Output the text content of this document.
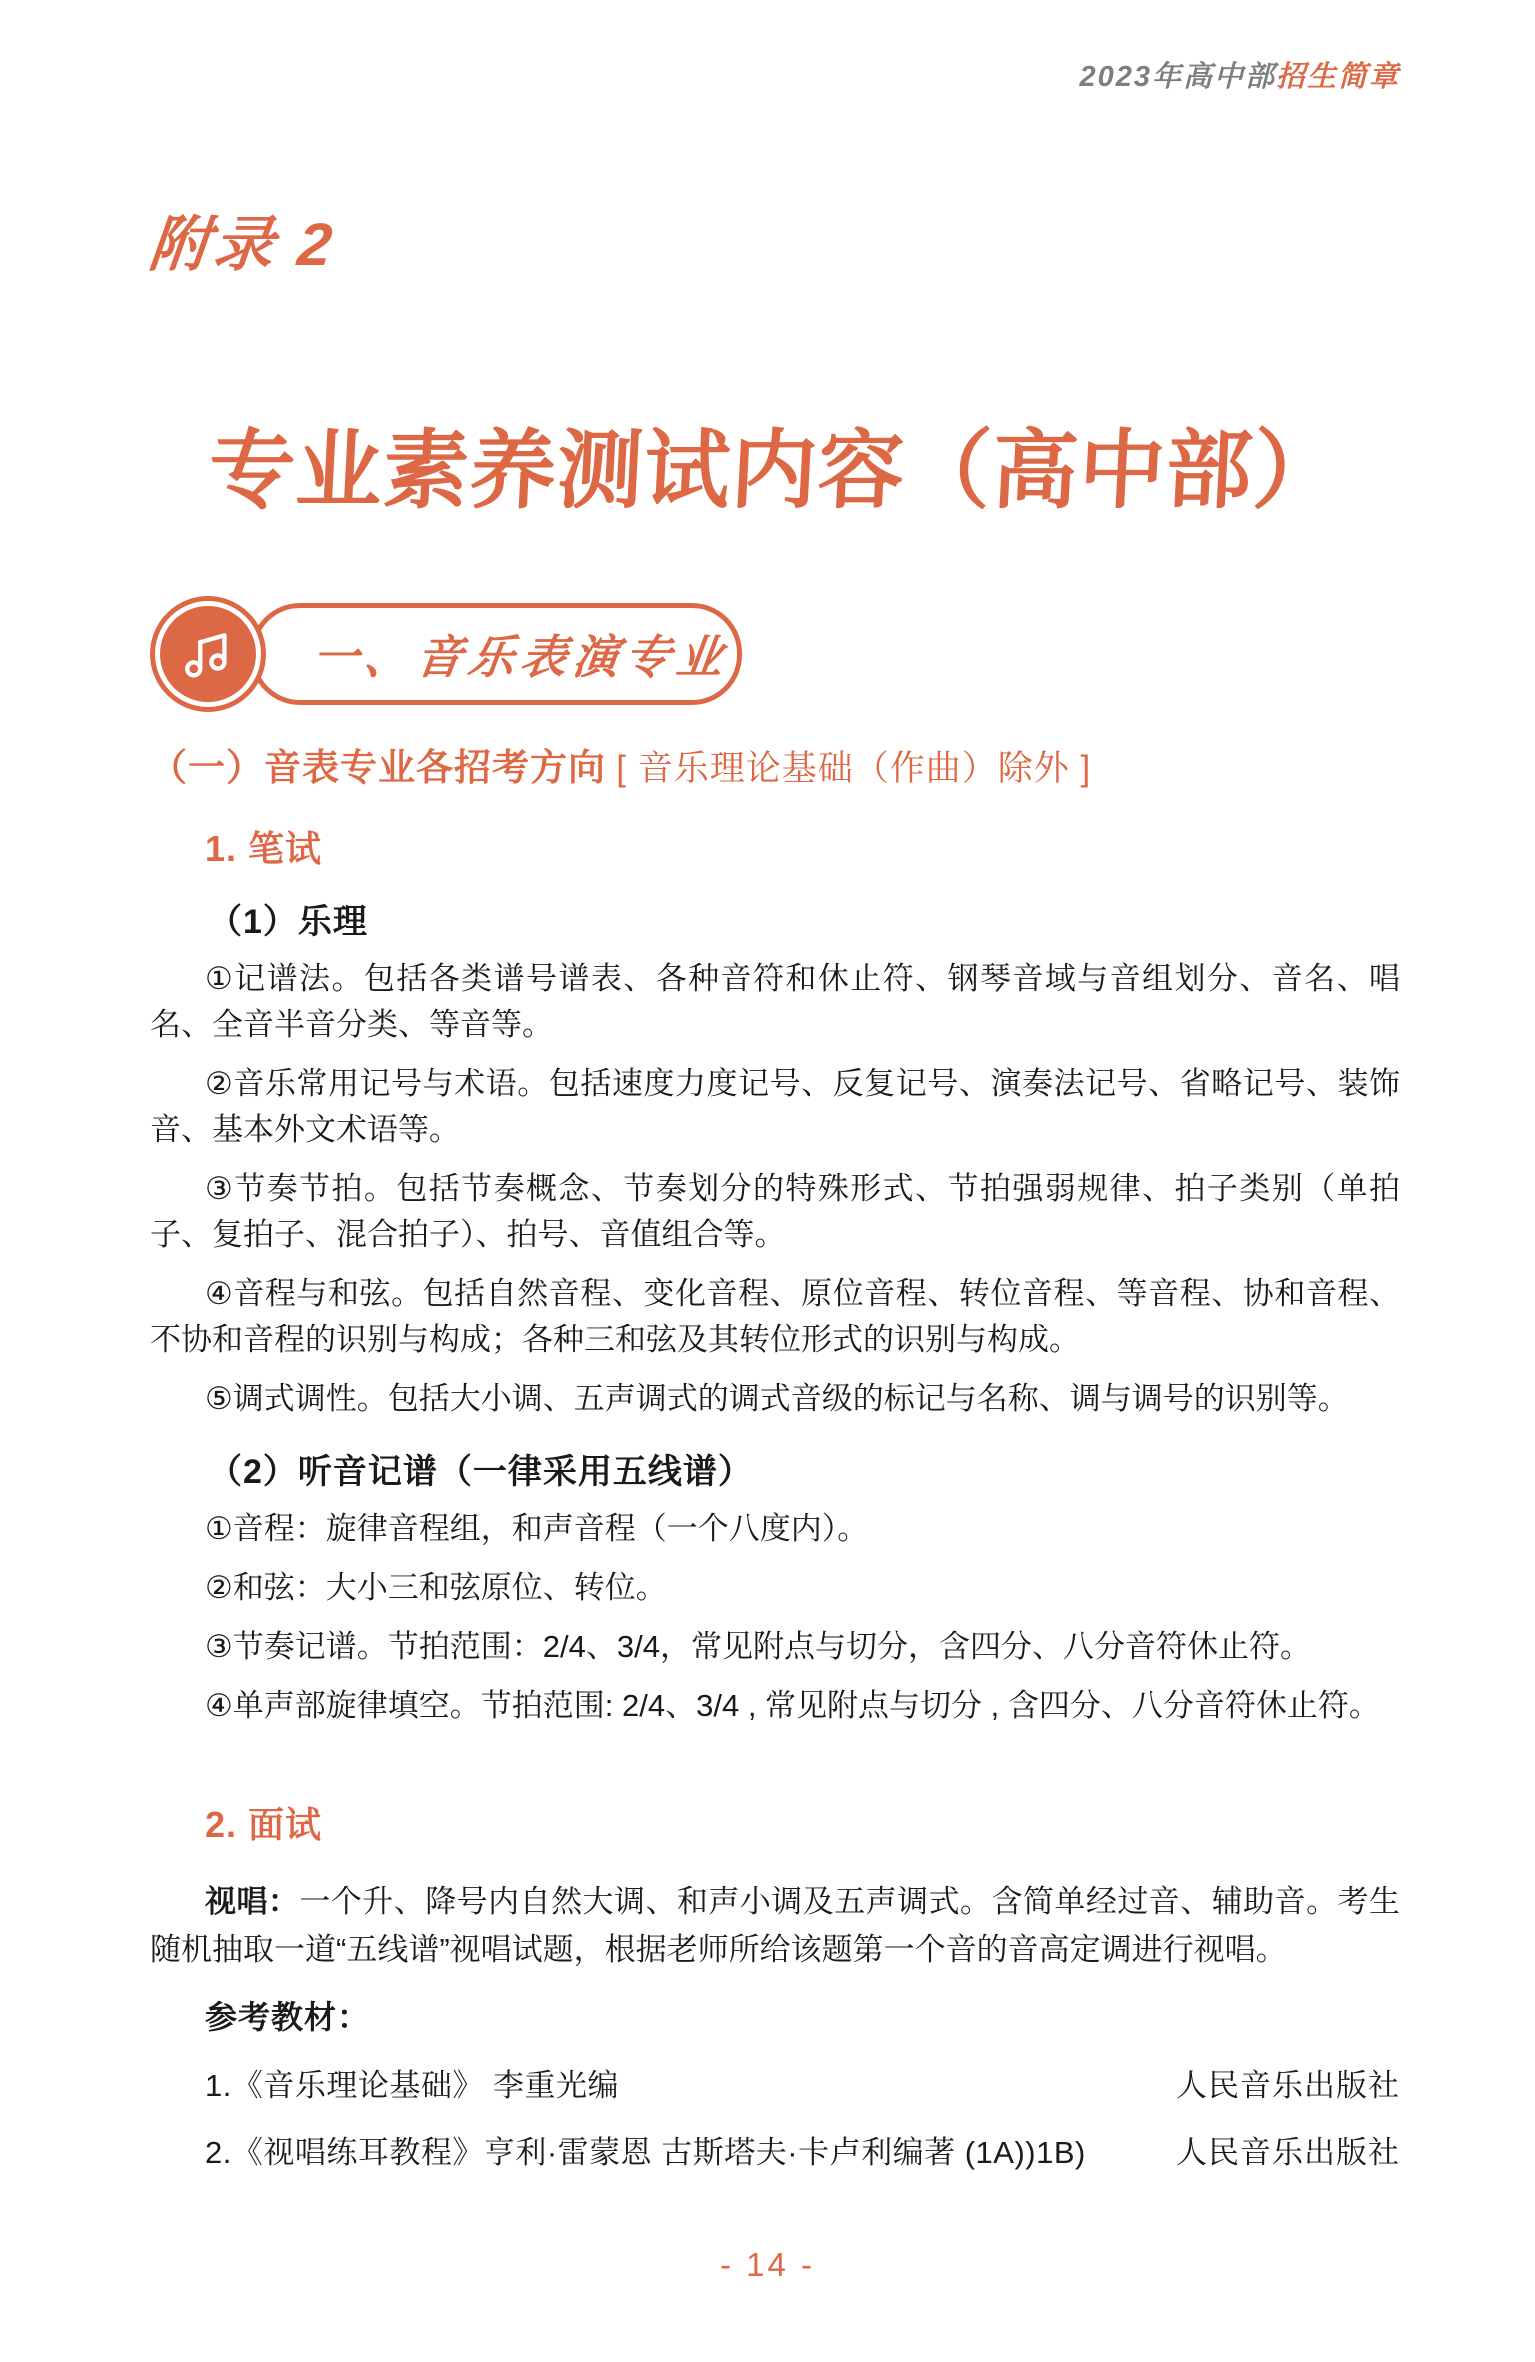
2023年高中部招生简章
附录 2
专业素养测试内容（高中部）
一、音乐表演专业
（一）音表专业各招考方向 [ 音乐理论基础（作曲）除外 ]
1. 笔试
（1）乐理

①记谱法。包括各类谱号谱表、各种音符和休止符、钢琴音域与音组划分、音名、唱名、全音半音分类、等音等。

②音乐常用记号与术语。包括速度力度记号、反复记号、演奏法记号、省略记号、装饰音、基本外文术语等。

③节奏节拍。包括节奏概念、节奏划分的特殊形式、节拍强弱规律、拍子类别（单拍子、复拍子、混合拍子）、拍号、音值组合等。

④音程与和弦。包括自然音程、变化音程、原位音程、转位音程、等音程、协和音程、不协和音程的识别与构成；各种三和弦及其转位形式的识别与构成。

⑤调式调性。包括大小调、五声调式的调式音级的标记与名称、调与调号的识别等。

（2）听音记谱（一律采用五线谱）

①音程：旋律音程组，和声音程（一个八度内）。

②和弦：大小三和弦原位、转位。

③节奏记谱。节拍范围：2/4、3/4，常见附点与切分，含四分、八分音符休止符。

④单声部旋律填空。节拍范围: 2/4、3/4 , 常见附点与切分 , 含四分、八分音符休止符。

2. 面试

视唱：一个升、降号内自然大调、和声小调及五声调式。含简单经过音、辅助音。考生随机抽取一道“五线谱”视唱试题，根据老师所给该题第一个音的音高定调进行视唱。

参考教材：
1.《音乐理论基础》 李重光编	人民音乐出版社
2.《视唱练耳教程》亨利·雷蒙恩 古斯塔夫·卡卢利编著 (1A))1B)	人民音乐出版社
- 14 -
